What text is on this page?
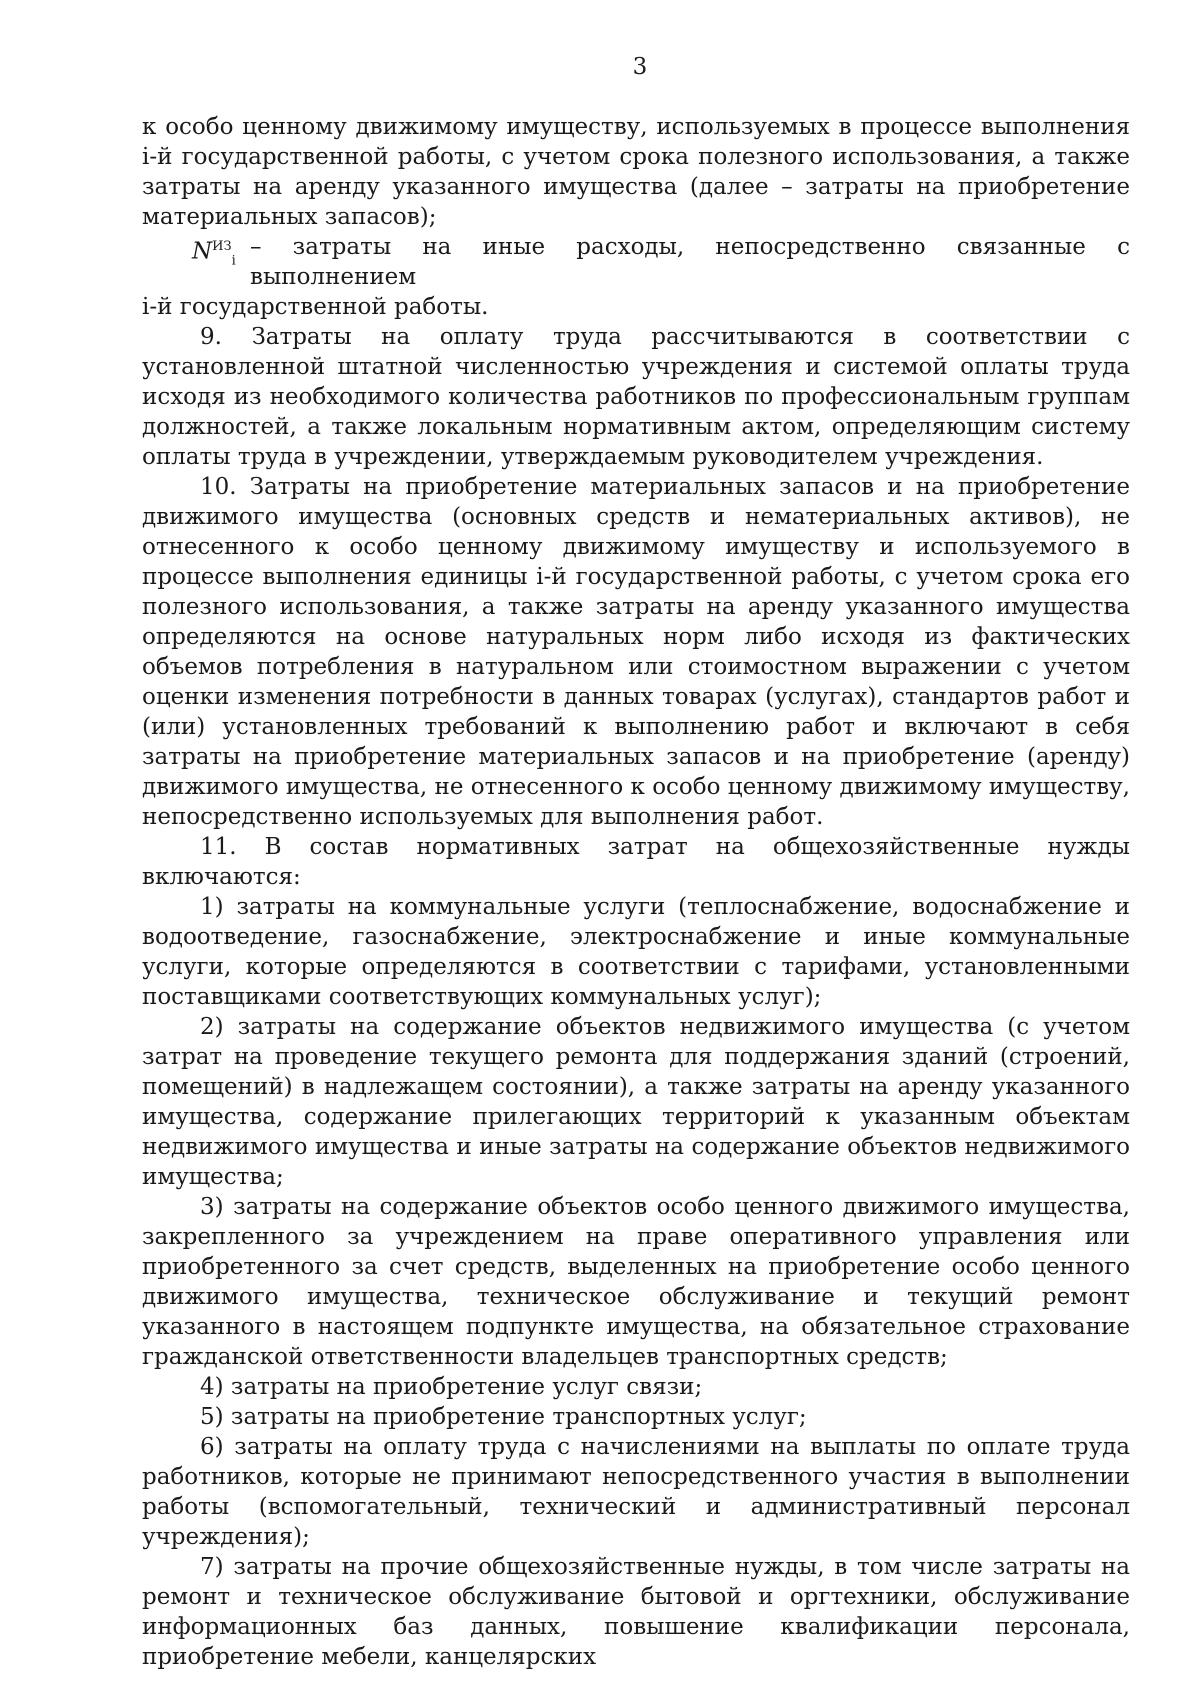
3

к особо ценному движимому имуществу, используемых в процессе выполнения і-й государственной работы, с учетом срока полезного использования, а также затраты на аренду указанного имущества (далее – затраты на приобретение материальных запасов);

$N^{ИЗ}_i$
– затраты на иные расходы, непосредственно связанные с выполнением

і-й государственной работы.

9. Затраты на оплату труда рассчитываются в соответствии с установленной штатной численностью учреждения и системой оплаты труда исходя из необходимого количества работников по профессиональным группам должностей, а также локальным нормативным актом, определяющим систему оплаты труда в учреждении, утверждаемым руководителем учреждения.

10. Затраты на приобретение материальных запасов и на приобретение движимого имущества (основных средств и нематериальных активов), не отнесенного к особо ценному движимому имуществу и используемого в процессе выполнения единицы і-й государственной работы, с учетом срока его полезного использования, а также затраты на аренду указанного имущества определяются на основе натуральных норм либо исходя из фактических объемов потребления в натуральном или стоимостном выражении с учетом оценки изменения потребности в данных товарах (услугах), стандартов работ и (или) установленных требований к выполнению работ и включают в себя затраты на приобретение материальных запасов и на приобретение (аренду) движимого имущества, не отнесенного к особо ценному движимому имуществу, непосредственно используемых для выполнения работ.

11. В состав нормативных затрат на общехозяйственные нужды включаются:

1) затраты на коммунальные услуги (теплоснабжение, водоснабжение и водоотведение, газоснабжение, электроснабжение и иные коммунальные услуги, которые определяются в соответствии с тарифами, установленными поставщиками соответствующих коммунальных услуг);

2) затраты на содержание объектов недвижимого имущества (с учетом затрат на проведение текущего ремонта для поддержания зданий (строений, помещений) в надлежащем состоянии), а также затраты на аренду указанного имущества, содержание прилегающих территорий к указанным объектам недвижимого имущества и иные затраты на содержание объектов недвижимого имущества;

3) затраты на содержание объектов особо ценного движимого имущества, закрепленного за учреждением на праве оперативного управления или приобретенного за счет средств, выделенных на приобретение особо ценного движимого имущества, техническое обслуживание и текущий ремонт указанного в настоящем подпункте имущества, на обязательное страхование гражданской ответственности владельцев транспортных средств;

4) затраты на приобретение услуг связи;

5) затраты на приобретение транспортных услуг;

6) затраты на оплату труда с начислениями на выплаты по оплате труда работников, которые не принимают непосредственного участия в выполнении работы (вспомогательный, технический и административный персонал учреждения);

7) затраты на прочие общехозяйственные нужды, в том числе затраты на ремонт и техническое обслуживание бытовой и оргтехники, обслуживание информационных баз данных, повышение квалификации персонала, приобретение мебели, канцелярских
